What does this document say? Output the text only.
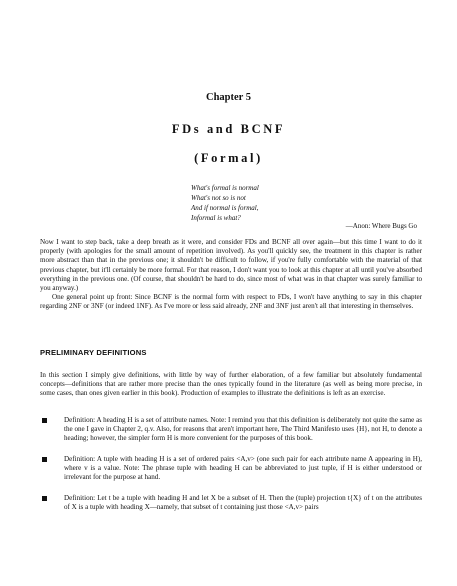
Chapter 5
FDs and BCNF
(Formal)
What's formal is normal
What's not so is not
And if normal is formal,
Informal is what?
—Anon: Where Bugs Go
Now I want to step back, take a deep breath as it were, and consider FDs and BCNF all over again—but this time I want to do it properly (with apologies for the small amount of repetition involved). As you'll quickly see, the treatment in this chapter is rather more abstract than that in the previous one; it shouldn't be difficult to follow, if you're fully comfortable with the material of that previous chapter, but it'll certainly be more formal. For that reason, I don't want you to look at this chapter at all until you've absorbed everything in the previous one. (Of course, that shouldn't be hard to do, since most of what was in that chapter was surely familiar to you anyway.)
One general point up front: Since BCNF is the normal form with respect to FDs, I won't have anything to say in this chapter regarding 2NF or 3NF (or indeed 1NF). As I've more or less said already, 2NF and 3NF just aren't all that interesting in themselves.
PRELIMINARY DEFINITIONS
In this section I simply give definitions, with little by way of further elaboration, of a few familiar but absolutely fundamental concepts—definitions that are rather more precise than the ones typically found in the literature (as well as being more precise, in some cases, than ones given earlier in this book). Production of examples to illustrate the definitions is left as an exercise.
Definition: A heading H is a set of attribute names. Note: I remind you that this definition is deliberately not quite the same as the one I gave in Chapter 2, q.v. Also, for reasons that aren't important here, The Third Manifesto uses {H}, not H, to denote a heading; however, the simpler form H is more convenient for the purposes of this book.
Definition: A tuple with heading H is a set of ordered pairs <A,v> (one such pair for each attribute name A appearing in H), where v is a value. Note: The phrase tuple with heading H can be abbreviated to just tuple, if H is either understood or irrelevant for the purpose at hand.
Definition: Let t be a tuple with heading H and let X be a subset of H. Then the (tuple) projection t{X} of t on the attributes of X is a tuple with heading X—namely, that subset of t containing just those <A,v> pairs
